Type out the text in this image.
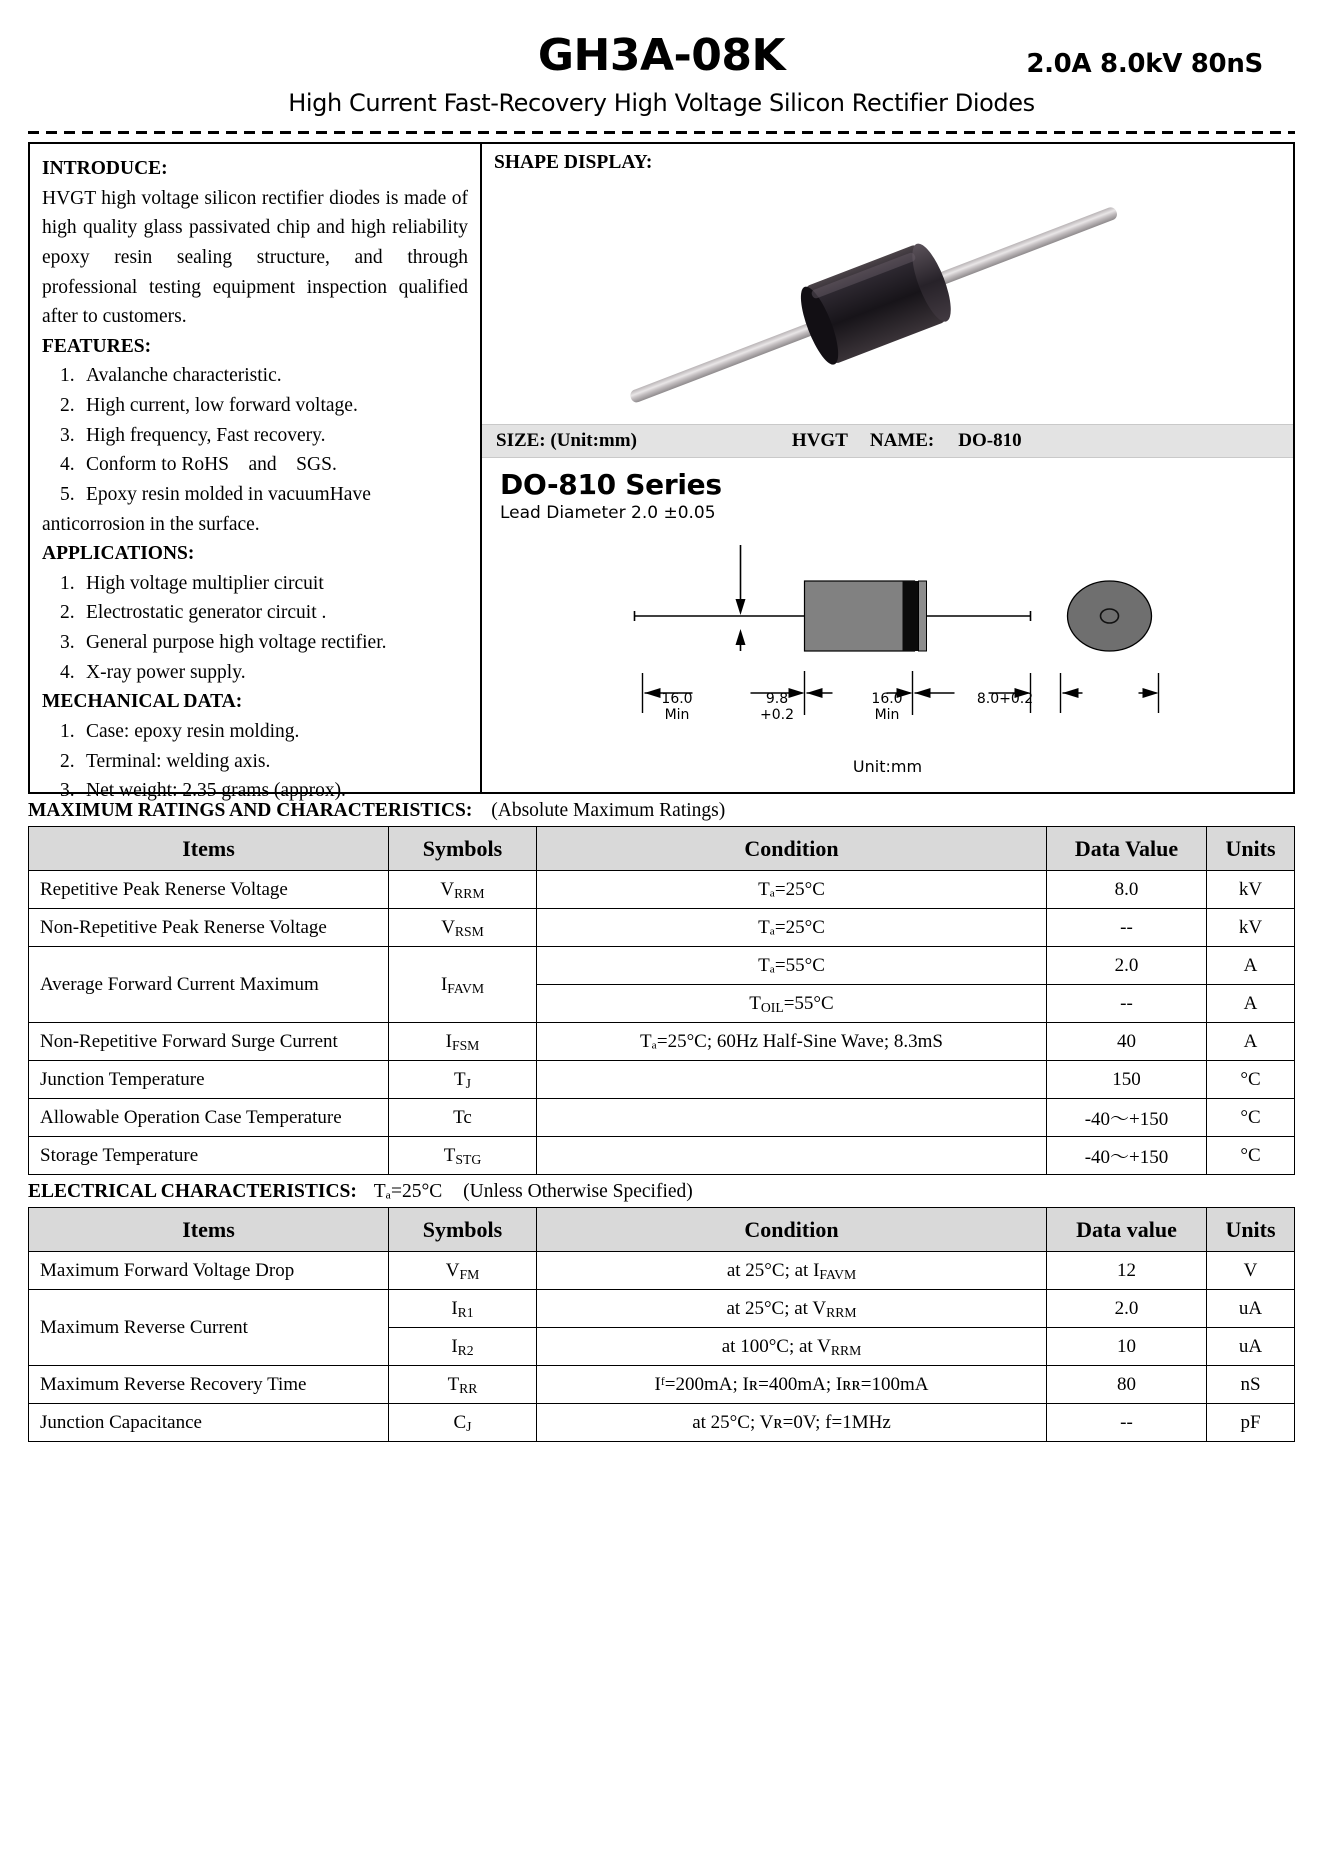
GH3A-08K	2.0A 8.0kV 80nS
High Current Fast-Recovery High Voltage Silicon Rectifier Diodes
INTRODUCE:

HVGT high voltage silicon rectifier diodes is made of high quality glass passivated chip and high reliability epoxy resin sealing structure, and through professional testing equipment inspection qualified after to customers.

FEATURES:
1. Avalanche characteristic.
2. High current, low forward voltage.
3. High frequency, Fast recovery.
4. Conform to RoHS and SGS.
5. Epoxy resin molded in vacuumHave
anticorrosion in the surface.
APPLICATIONS:
1. High voltage multiplier circuit
2. Electrostatic generator circuit .
3. General purpose high voltage rectifier.
4. X-ray power supply.
MECHANICAL DATA:
1. Case: epoxy resin molding.
2. Terminal: welding axis.
3. Net weight: 2.35 grams (approx).
SHAPE DISPLAY:
SIZE: (Unit:mm)	HVGT NAME: DO-810
DO-810 Series
Lead Diameter 2.0 ±0.05
16.0
Min
9.8
+0.2
16.0
Min
8.0+0.2
Unit:mm
MAXIMUM RATINGS AND CHARACTERISTICS: (Absolute Maximum Ratings)
Items	Symbols	Condition	Data Value	Units
Repetitive Peak Renerse Voltage	$V_{RRM}$	Tₐ=25°C	8.0	kV
Non-Repetitive Peak Renerse Voltage	$V_{RSM}$	Tₐ=25°C	--	kV
Average Forward Current Maximum	$I_{FAVM}$	Tₐ=55°C	2.0	A
		$T_{OIL}=55^\circ C$	--	A
Non-Repetitive Forward Surge Current	$I_{FSM}$	Tₐ=25°C; 60Hz Half-Sine Wave; 8.3mS	40	A
Junction Temperature	$T_J$		150	°C
Allowable Operation Case Temperature	Tc		-40～+150	°C
Storage Temperature	$T_{STG}$		-40～+150	°C
ELECTRICAL CHARACTERISTICS: Tₐ=25°C (Unless Otherwise Specified)
Items	Symbols	Condition	Data value	Units
Maximum Forward Voltage Drop	$V_{FM}$	at 25°C; at $I_{FAVM}$	12	V
Maximum Reverse Current	$I_{R1}$	at 25°C; at $V_{RRM}$	2.0	uA
	$I_{R2}$	at 100°C; at $V_{RRM}$	10	uA
Maximum Reverse Recovery Time	$T_{RR}$	Iᶠ=200mA; Iʀ=400mA; Iʀʀ=100mA	80	nS
Junction Capacitance	$C_J$	at 25°C; Vʀ=0V; f=1MHz	--	pF
